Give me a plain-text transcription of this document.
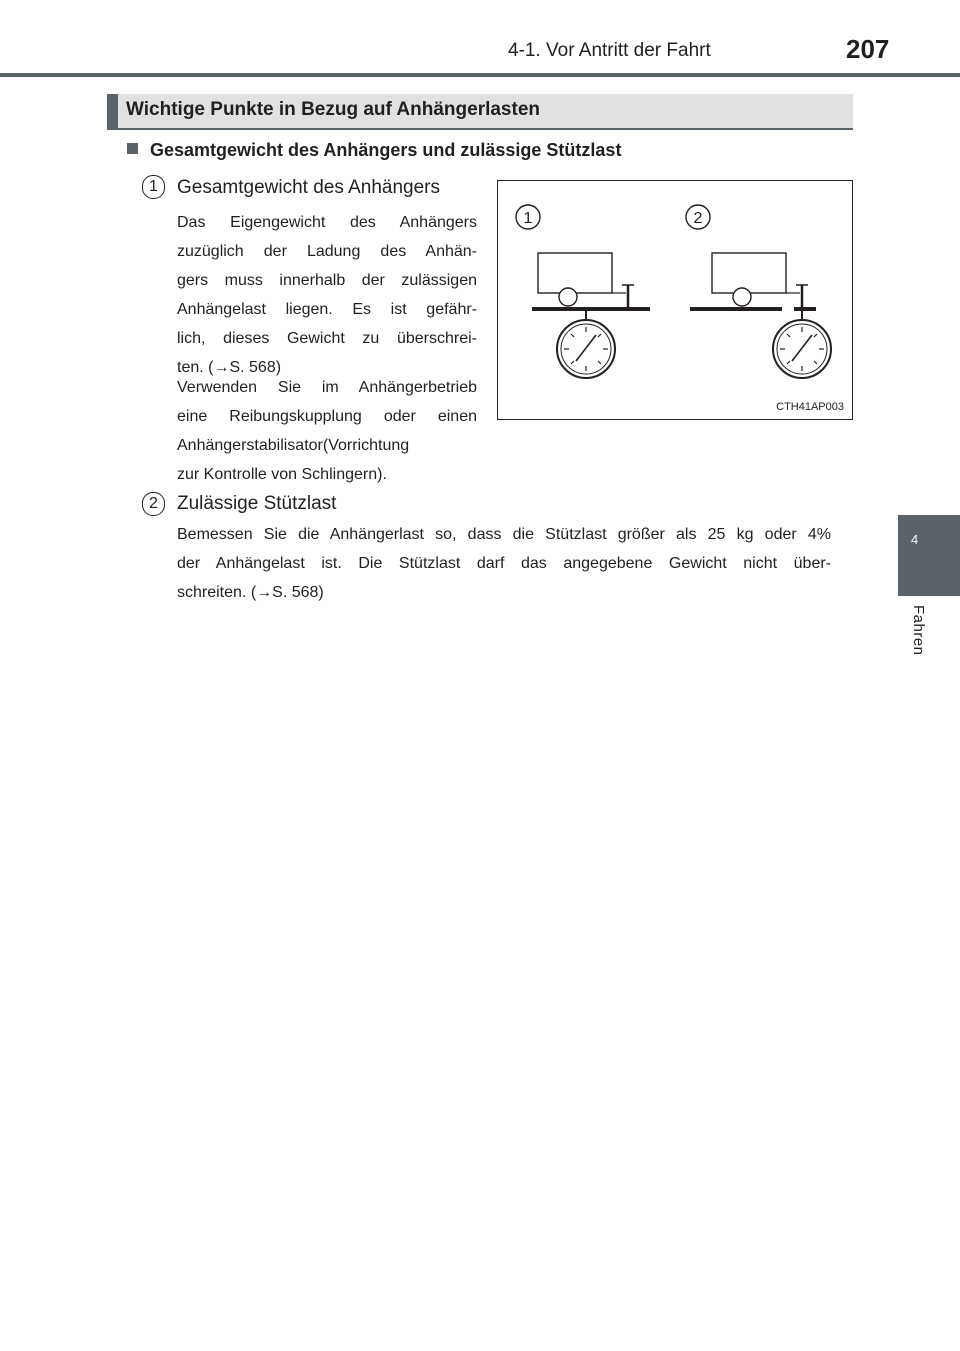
4-1. Vor Antritt der Fahrt	207
4
Fahren
Wichtige Punkte in Bezug auf Anhängerlasten
Gesamtgewicht des Anhängers und zulässige Stützlast
1	Gesamtgewicht des Anhängers
Das Eigengewicht des Anhängers
zuzüglich der Ladung des Anhän-
gers muss innerhalb der zulässigen
Anhängelast liegen. Es ist gefähr-
lich, dieses Gewicht zu überschrei-
ten. (→S. 568)
Verwenden Sie im Anhängerbetrieb
eine Reibungskupplung oder einen
Anhängerstabilisator(Vorrichtung
zur Kontrolle von Schlingern).
1	2
CTH41AP003
2	Zulässige Stützlast
Bemessen Sie die Anhängerlast so, dass die Stützlast größer als 25 kg oder 4%
der Anhängelast ist. Die Stützlast darf das angegebene Gewicht nicht über-
schreiten. (→S. 568)
